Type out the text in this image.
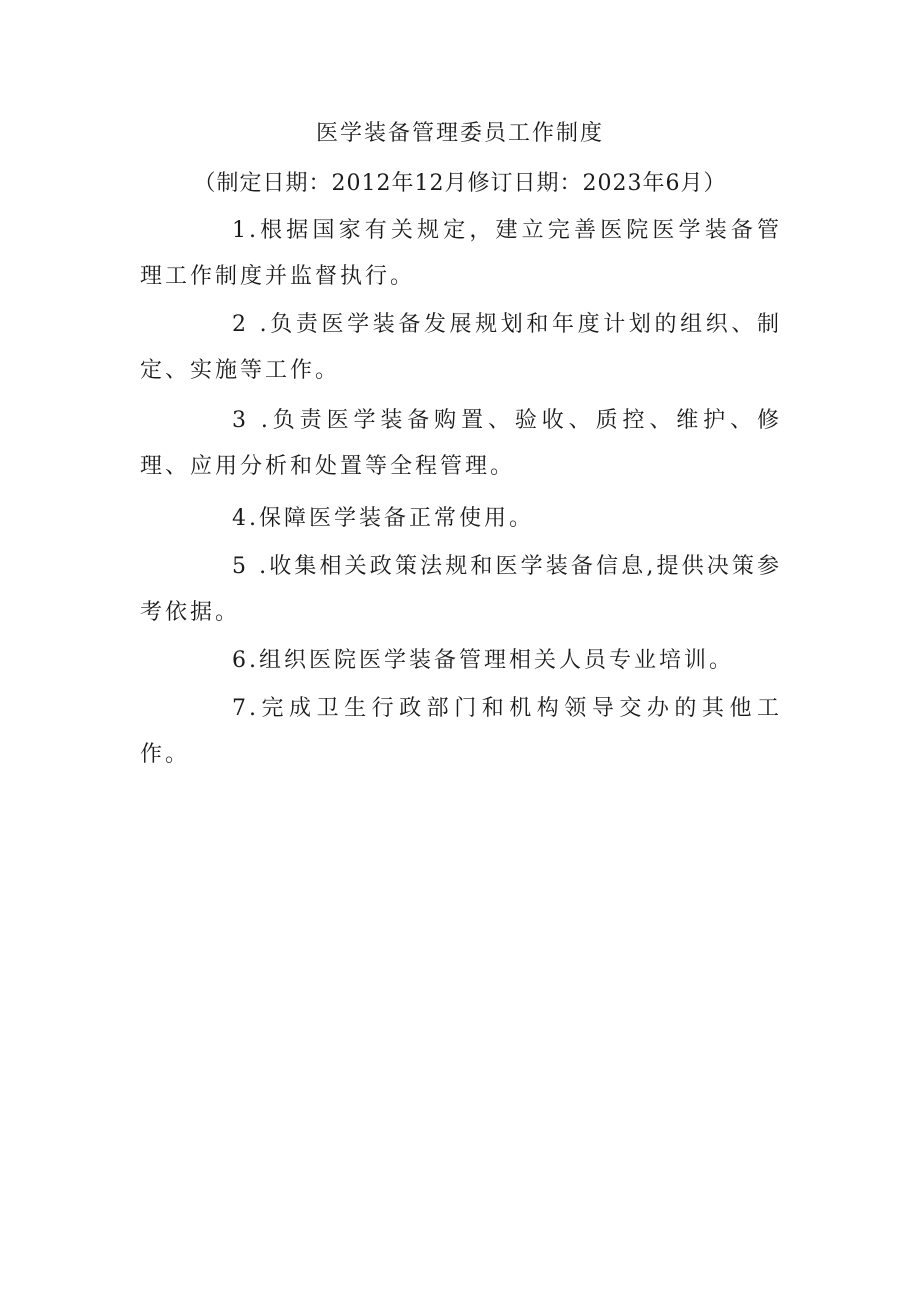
医学装备管理委员工作制度
（制定日期：2012年12月修订日期：2023年6月）
1.根据国家有关规定，建立完善医院医学装备管理工作制度并监督执行。
2 .负责医学装备发展规划和年度计划的组织、制定、实施等工作。
3 .负责医学装备购置、验收、质控、维护、修理、应用分析和处置等全程管理。
4.保障医学装备正常使用。
5 .收集相关政策法规和医学装备信息,提供决策参考依据。
6.组织医院医学装备管理相关人员专业培训。
7.完成卫生行政部门和机构领导交办的其他工作。
